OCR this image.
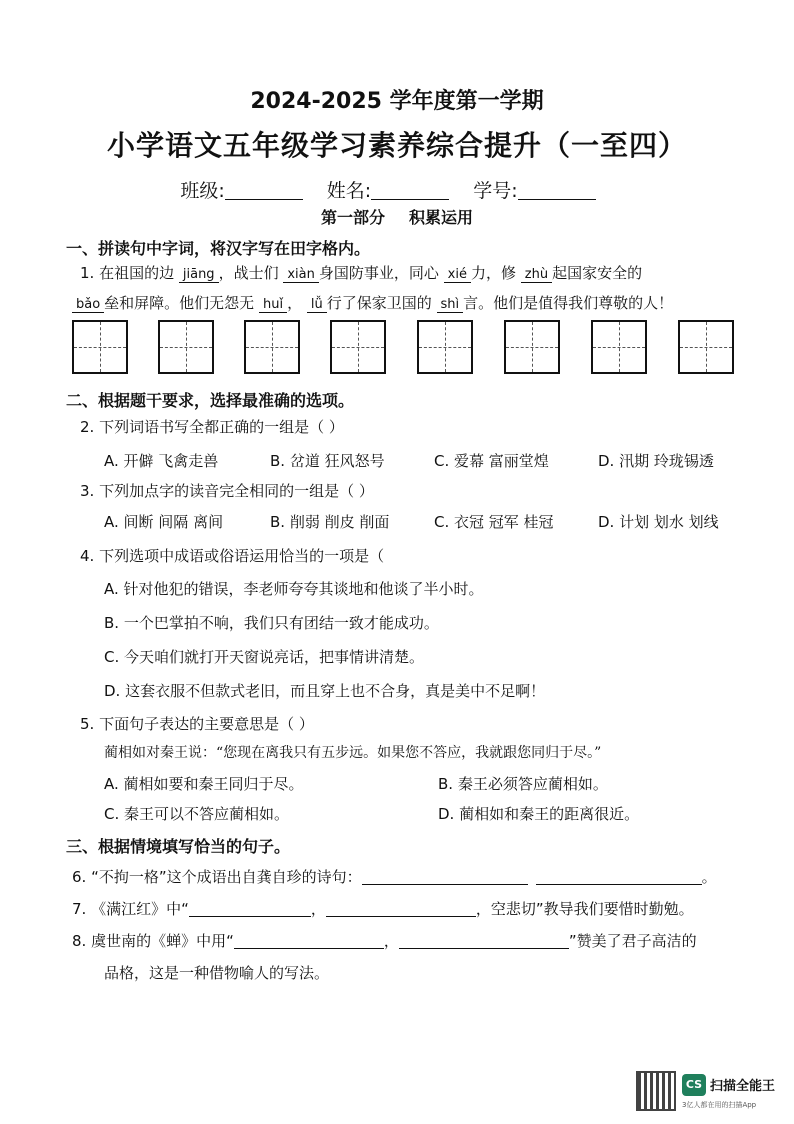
2024-2025 学年度第一学期
小学语文五年级学习素养综合提升（一至四）
班级:	姓名:	学号:
第一部分 积累运用
一、拼读句中字词，将汉字写在田字格内。
1. 在祖国的边 jiāng ，战士们 xiàn 身国防事业，同心 xié 力，修 zhù 起国家安全的
bǎo 垒和屏障。他们无怨无 huǐ ， lǚ 行了保家卫国的 shì 言。他们是值得我们尊敬的人！
二、根据题干要求，选择最准确的选项。
2. 下列词语书写全都正确的一组是（ ）
A. 开僻 飞禽走兽	B. 岔道 狂风怒号	C. 爱幕 富丽堂煌	D. 汛期 玲珑锡透
3. 下列加点字的读音完全相同的一组是（ ）
A. 间断 间隔 离间	B. 削弱 削皮 削面	C. 衣冠 冠军 桂冠	D. 计划 划水 划线
4. 下列选项中成语或俗语运用恰当的一项是（
A. 针对他犯的错误，李老师夸夸其谈地和他谈了半小时。
B. 一个巴掌拍不响，我们只有团结一致才能成功。
C. 今天咱们就打开天窗说亮话，把事情讲清楚。
D. 这套衣服不但款式老旧，而且穿上也不合身，真是美中不足啊！
5. 下面句子表达的主要意思是（ ）
蔺相如对秦王说：“您现在离我只有五步远。如果您不答应，我就跟您同归于尽。”
A. 蔺相如要和秦王同归于尽。	B. 秦王必须答应蔺相如。
C. 秦王可以不答应蔺相如。	D. 蔺相如和秦王的距离很近。
三、根据情境填写恰当的句子。
6. “不拘一格”这个成语出自龚自珍的诗句：	。
7. 《满江红》中“	，	，空悲切”教导我们要惜时勤勉。
8. 虞世南的《蝉》中用“	，	”赞美了君子高洁的
品格，这是一种借物喻人的写法。
CS 扫描全能王
3亿人都在用的扫描App
